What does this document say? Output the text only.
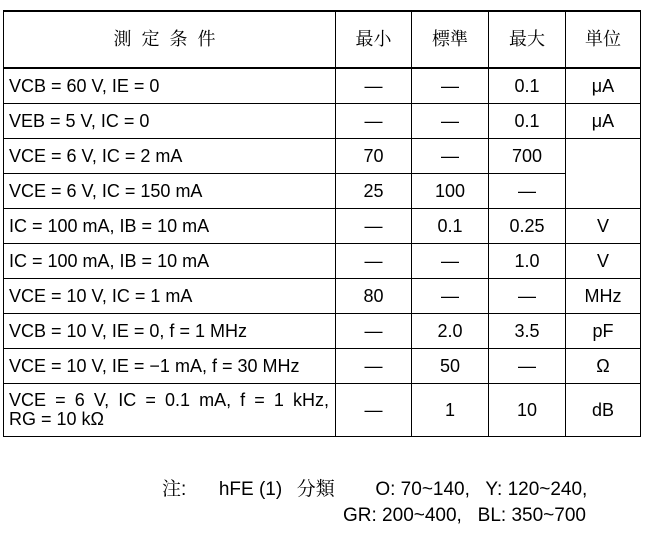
測定条件	最小	標準	最大	単位
VCB = 60 V, IE = 0	—	—	0.1	μA
VEB = 5 V, IC = 0	—	—	0.1	μA
VCE = 6 V, IC = 2 mA	70	—	700	
VCE = 6 V, IC = 150 mA	25	100	—	
IC = 100 mA, IB = 10 mA	—	0.1	0.25	V
IC = 100 mA, IB = 10 mA	—	—	1.0	V
VCE = 10 V, IC = 1 mA	80	—	—	MHz
VCB = 10 V, IE = 0, f = 1 MHz	—	2.0	3.5	pF
VCE = 10 V, IE = −1 mA, f = 30 MHz	—	50	—	Ω

VCE = 6 V, IC = 0.1 mA, f = 1 kHz,
RG = 10 kΩ	—	1	10	dB
注: hFE (1) 分類 O: 70~140,   Y: 120~240,
GR: 200~400,   BL: 350~700
